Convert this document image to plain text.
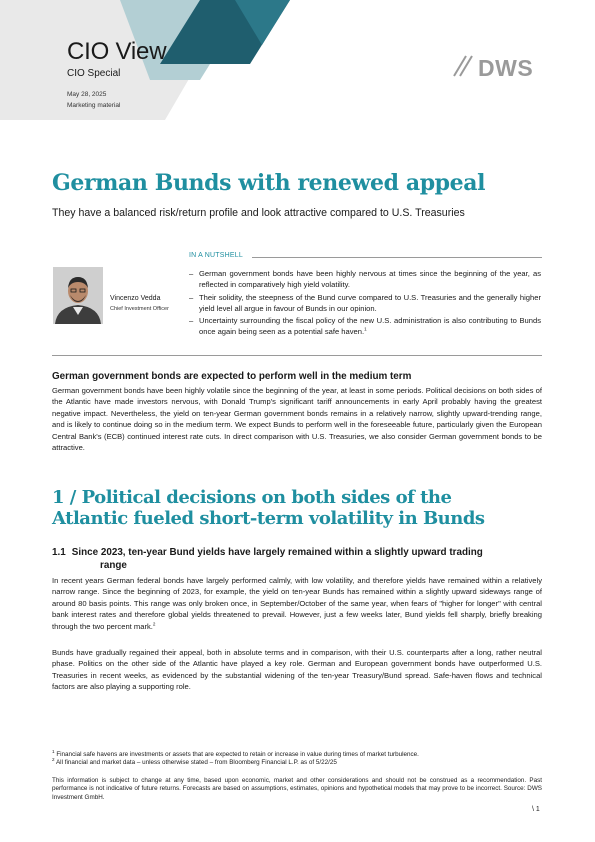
CIO View
CIO Special
May 28, 2025
Marketing material
DWS
German Bunds with renewed appeal
They have a balanced risk/return profile and look attractive compared to U.S. Treasuries
IN A NUTSHELL
Vincenzo Vedda
Chief Investment Officer
– German government bonds have been highly nervous at times since the beginning of the year, as reflected in comparatively high yield volatility.
– Their solidity, the steepness of the Bund curve compared to U.S. Treasuries and the generally higher yield level all argue in favour of Bunds in our opinion.
– Uncertainty surrounding the fiscal policy of the new U.S. administration is also contributing to Bunds once again being seen as a potential safe haven.$^1$
German government bonds are expected to perform well in the medium term

German government bonds have been highly volatile since the beginning of the year, at least in some periods. Political decisions on both sides of the Atlantic have made investors nervous, with Donald Trump's significant tariff announcements in early April probably having the greatest negative impact. Nevertheless, the yield on ten-year German government bonds remains in a relatively narrow, slightly upward-trending range, and is likely to continue doing so in the medium term. We expect Bunds to perform well in the foreseeable future, particularly given the European Central Bank's (ECB) continued interest rate cuts. In direct comparison with U.S. Treasuries, we also consider German government bonds to be attractive.

1 / Political decisions on both sides of the Atlantic fueled short-term volatility in Bunds
1.1 Since 2023, ten-year Bund yields have largely remained within a slightly upward trading
range

In recent years German federal bonds have largely performed calmly, with low volatility, and therefore yields have remained within a relatively narrow range. Since the beginning of 2023, for example, the yield on ten-year Bunds has remained within a slightly upward sideways range of around 80 basis points. This range was only broken once, in September/October of the same year, when fears of "higher for longer" with central bank interest rates and therefore global yields threatened to prevail. However, just a few weeks later, Bund yields fell sharply, briefly breaking through the two percent mark.$^2$

Bunds have gradually regained their appeal, both in absolute terms and in comparison, with their U.S. counterparts after a long, rather neutral phase. Politics on the other side of the Atlantic have played a key role. German and European government bonds have outperformed U.S. Treasuries in recent weeks, as evidenced by the substantial widening of the ten-year Treasury/Bund spread. Safe-haven flows and technical factors are also playing a supporting role.

$^1$ Financial safe havens are investments or assets that are expected to retain or increase in value during times of market turbulence.
$^2$ All financial and market data – unless otherwise stated – from Bloomberg Financial L.P. as of 5/22/25

This information is subject to change at any time, based upon economic, market and other considerations and should not be construed as a recommendation. Past performance is not indicative of future returns. Forecasts are based on assumptions, estimates, opinions and hypothetical models that may prove to be incorrect. Source: DWS Investment GmbH.

\ 1
